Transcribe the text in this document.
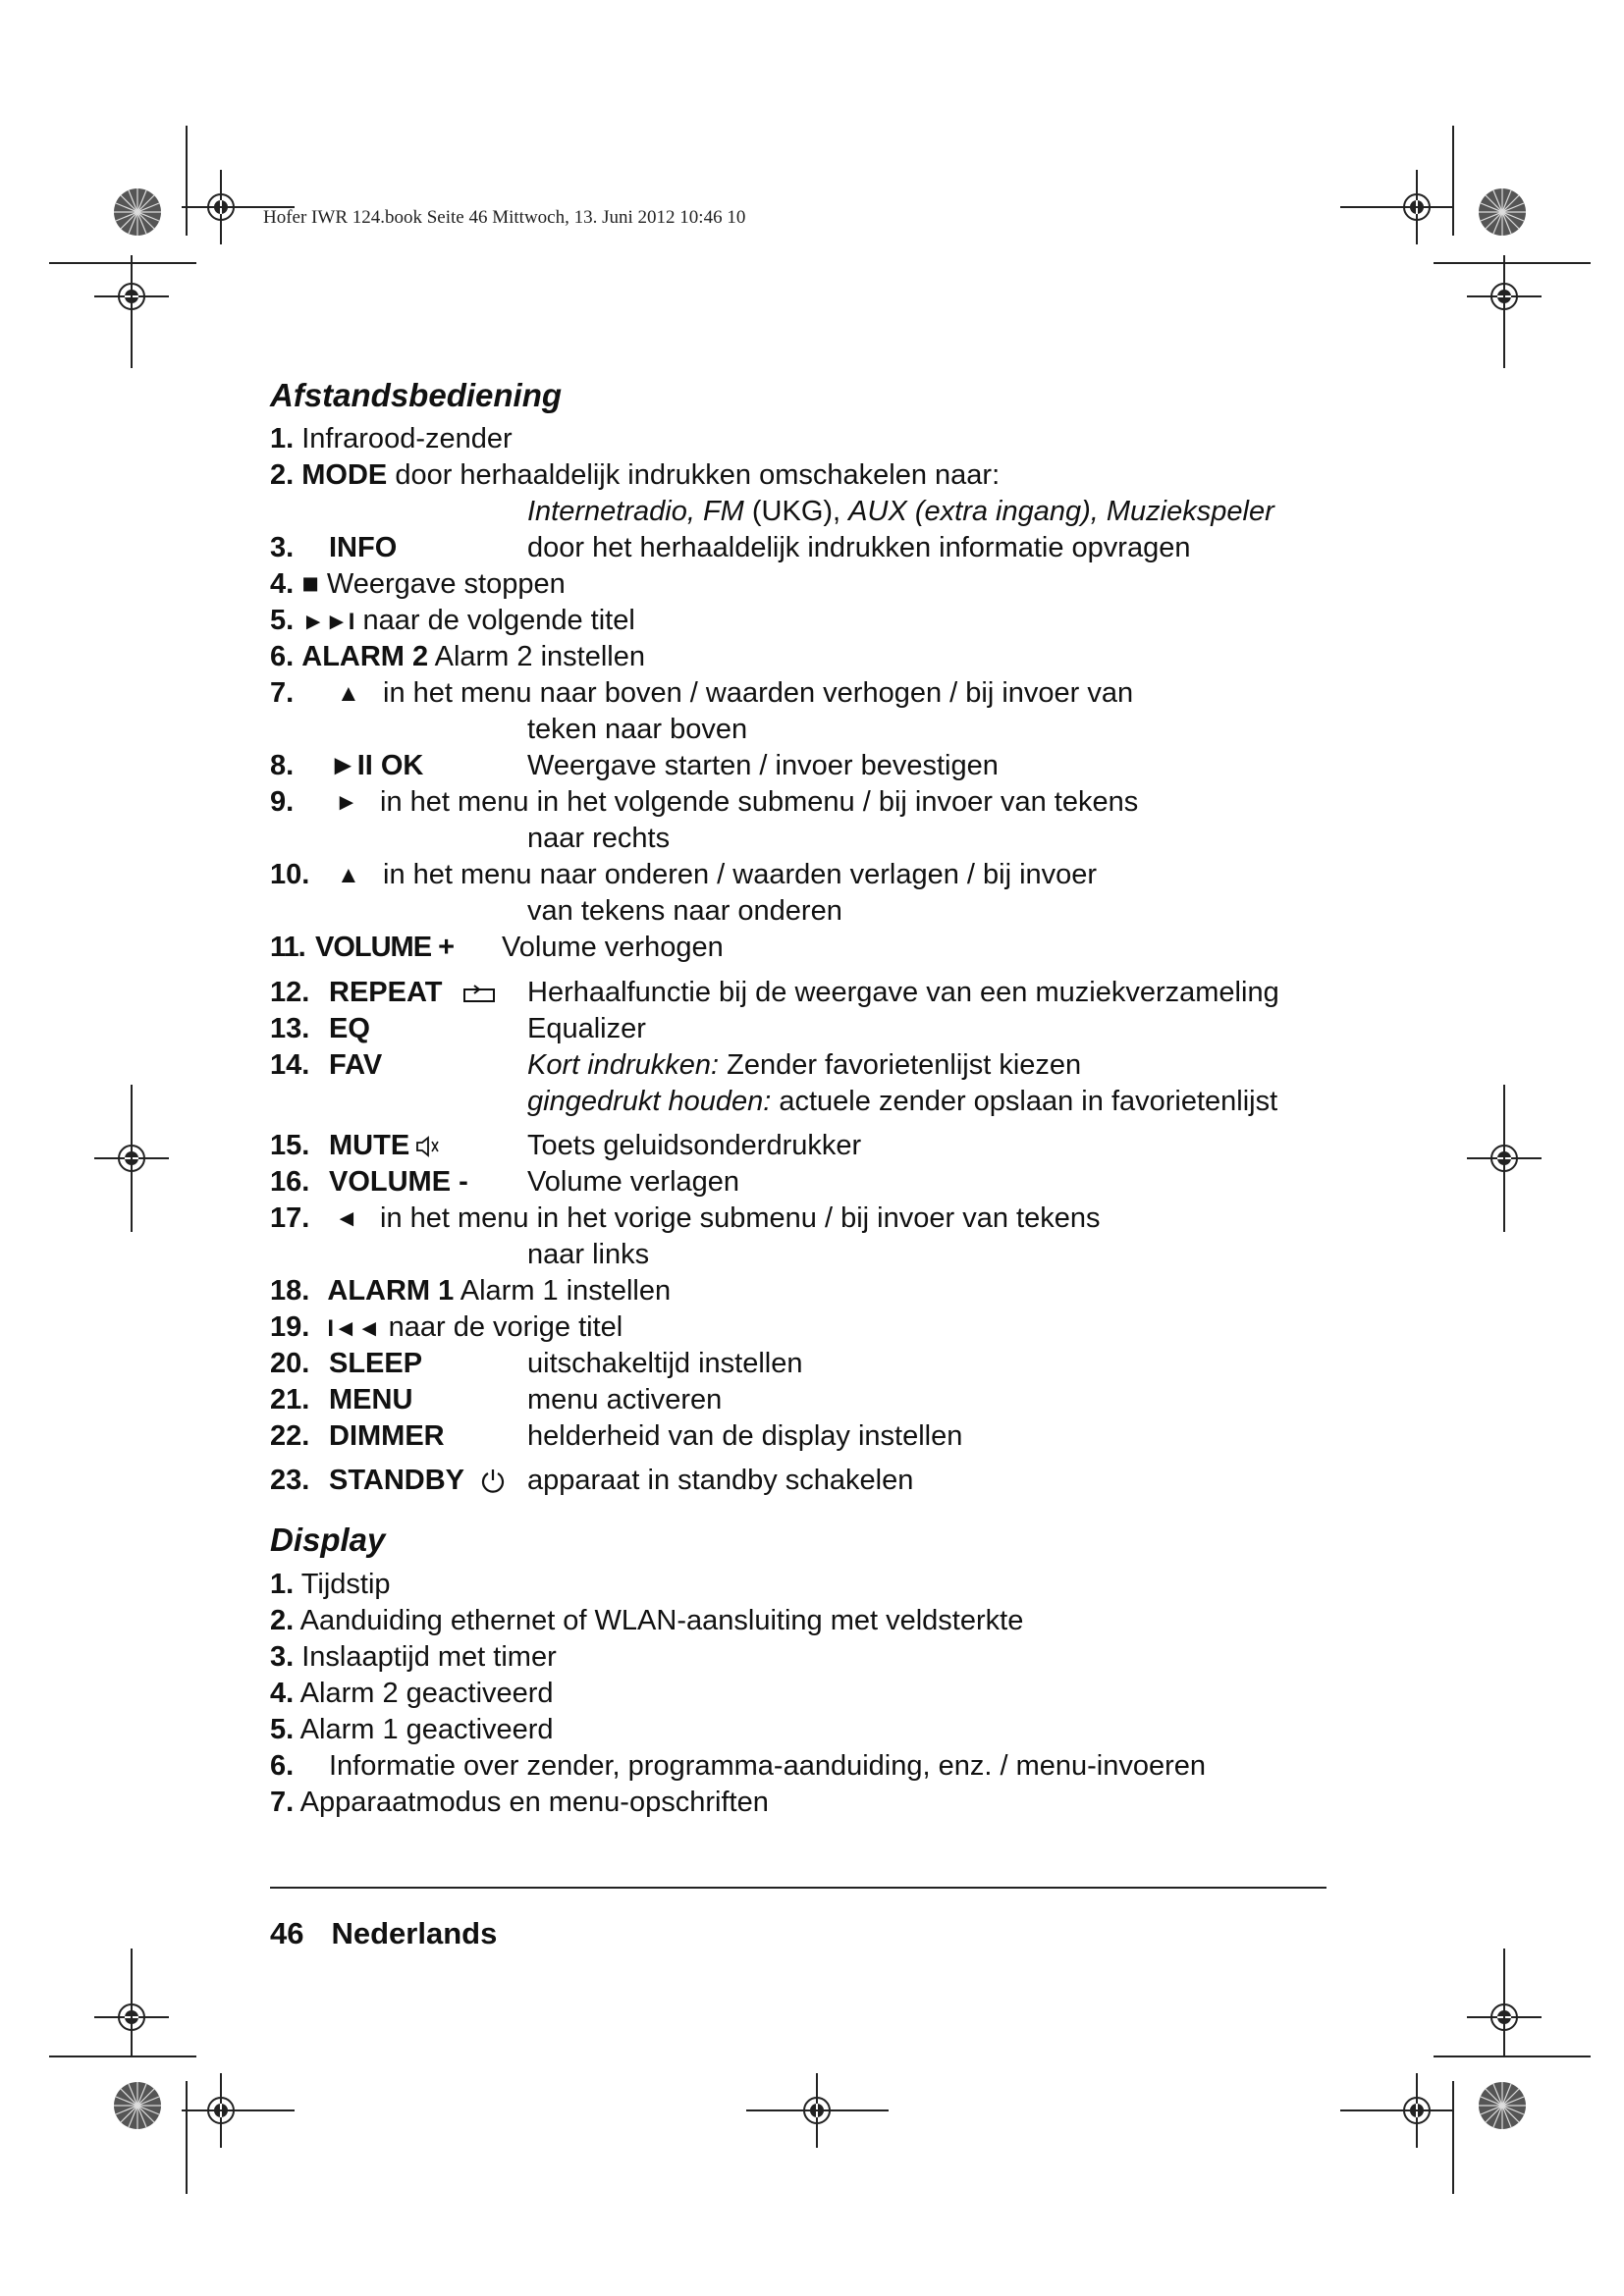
Hofer IWR 124.book Seite 46 Mittwoch, 13. Juni 2012 10:46 10
Afstandsbediening
1. Infrarood-zender
2. MODE door herhaaldelijk indrukken omschakelen naar:
Internetradio, FM (UKG), AUX (extra ingang), Muziekspeler
3. INFO	door het herhaaldelijk indrukken informatie opvragen
4. ■ Weergave stoppen
5. ►►I naar de volgende titel
6. ALARM 2 Alarm 2 instellen
7. ▲ in het menu naar boven / waarden verhogen / bij invoer van
teken naar boven
8. ►II OK	Weergave starten / invoer bevestigen
9. ► in het menu in het volgende submenu / bij invoer van tekens
naar rechts
10. ▲ in het menu naar onderen / waarden verlagen / bij invoer
van tekens naar onderen
11. VOLUME + Volume verhogen
12. REPEAT	Herhaalfunctie bij de weergave van een muziekverzameling
13. EQ	Equalizer
14. FAV	Kort indrukken: Zender favorietenlijst kiezen
gingedrukt houden: actuele zender opslaan in favorietenlijst
15. MUTE	Toets geluidsonderdrukker
16. VOLUME - Volume verlagen
17. ◄ in het menu in het vorige submenu / bij invoer van tekens
naar links
18. ALARM 1 Alarm 1 instellen
19. I◄◄ naar de vorige titel
20. SLEEP	uitschakeltijd instellen
21. MENU	menu activeren
22. DIMMER	helderheid van de display instellen
23. STANDBY apparaat in standby schakelen
Display
1. Tijdstip
2. Aanduiding ethernet of WLAN-aansluiting met veldsterkte
3. Inslaaptijd met timer
4. Alarm 2 geactiveerd
5. Alarm 1 geactiveerd
6. Informatie over zender, programma-aanduiding, enz. / menu-invoeren
7. Apparaatmodus en menu-opschriften
46 Nederlands
